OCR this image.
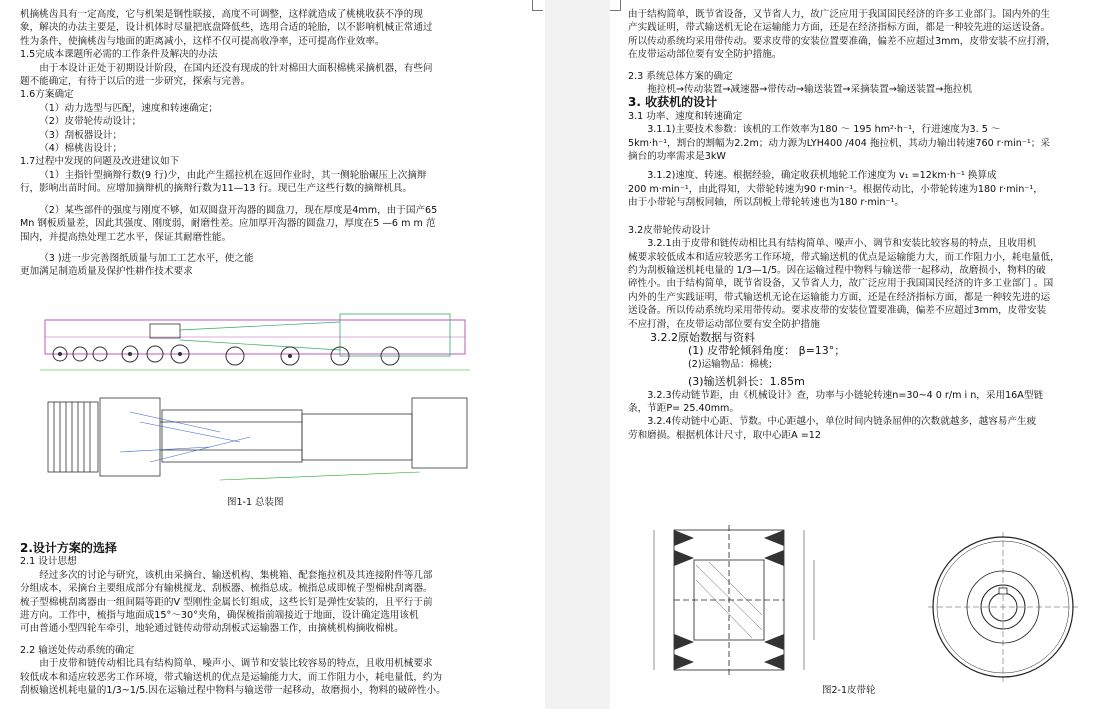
机摘桃齿具有一定高度，它与机架是钢性联接，高度不可调整，这样就造成了桃桃收获不净的现

象，解决的办法主要是，设计机体时尽量把底盘降低些，选用合适的轮胎，以不影响机械正常通过

性为条件，使摘桃齿与地面的距离减小，这样不仅可提高收净率，还可提高作业效率。

1.5完成本课题所必需的工作条件及解决的办法

由于本设计正处于初期设计阶段，在国内还没有现成的针对棉田大面积棉桃采摘机器，有些问

题不能确定，有待于以后的进一步研究，探索与完善。

1.6方案确定

（1）动力选型与匹配，速度和转速确定；

（2）皮带轮传动设计；

（3）刮板器设计；

（4）棉桃齿设计；

1.7过程中发现的问题及改进建议如下

（1）主指针型摘辩行数(9 行)少，由此产生摇拉机在返回作业时，其一侧轮胎碾压上次摘辩

行，影响出苗时间。应增加摘辩机的摘辩行数为11—13 行。现已生产这些行数的摘辩机具。

（2）某些部件的强度与刚度不够，如双圆盘开沟器的圆盘刀，现在厚度是4mm，由于国产65

Mn 钢板质量差，因此其强度、刚度弱，耐磨性差。应加厚开沟器的圆盘刀，厚度在5 —6 m m 范

围内，并提高热处理工艺水平，保证其耐磨性能。

（3 )进一步完善图纸质量与加工工艺水平，使之能

更加满足制造质量及保护性耕作技术要求

图1-1 总装图

2.设计方案的选择

2.1 设计思想

经过多次的讨论与研究，该机由采摘台、输送机构、集桃箱、配套拖拉机及其连接附件等几部

分组成本，采摘台主要组成部分有输桃搅龙、刮板器、梳指总成。梳指总成即梳子型棉桃刮离器。

梳子型棉桃刮离器由一组间隔等距的V 型刚性金属长钉组成，这些长钉是弹性安装的，且平行于前

进方向。工作中，梳指与地面成15°～30°夹角，确保梳指前端接近于地面，设计确定选用该机

可由普通小型四轮车牵引，地轮通过链传动带动刮板式运输器工作，由摘桃机构摘收棉桃。

2.2 输送处传动系统的确定

由于皮带和链传动相比具有结构简单、噪声小、调节和安装比较容易的特点，且收用机械要求

较低成本和适应较恶劣工作环境，带式输送机的优点是运输能力大，而工作阻力小，耗电量低，约为

刮板输送机耗电量的1/3~1/5.因在运输过程中物料与输送带一起移动，故磨损小，物料的破碎性小。

由于结构简单，既节省设备，又节省人力，故广泛应用于我国国民经济的许多工业部门。国内外的生

产实践证明，带式输送机无论在运输能力方面，还是在经济指标方面，都是一种较先进的运送设备。

所以传动系统均采用带传动。要求皮带的安装位置要准确，偏差不应超过3mm，皮带安装不应打滑，

在皮带运动部位要有安全防护措施。

2.3 系统总体方案的确定

拖拉机→传动装置→减速器→带传动→输送装置→采摘装置→输送装置→拖拉机

3. 收获机的设计

3.1 功率、速度和转速确定

3.1.1)主要技术参数：该机的工作效率为180 ～ 195 hm²·h⁻¹，行进速度为3. 5 ～

5km·h⁻¹，割台的割幅为2.2m；动力源为LYH400 /404 拖拉机，其动力输出转速760 r·min⁻¹；采

摘台的功率需求是3kW

3.1.2)速度、转速。根据经验，确定收获机地轮工作速度为 v₁ =12km·h⁻¹ 换算成

200 m·min⁻¹，由此得知，大带轮转速为90 r·min⁻¹。根据传动比，小带轮转速为180 r·min⁻¹，

由于小带轮与刮板同轴，所以刮板上带轮转速也为180 r·min⁻¹。

3.2皮带轮传动设计

3.2.1由于皮带和链传动相比具有结构简单、噪声小、调节和安装比较容易的特点，且收用机

械要求较低成本和适应较恶劣工作环境，带式输送机的优点是运输能力大，而工作阻力小，耗电量低，

约为刮板输送机耗电量的 1/3—1/5。因在运输过程中物料与输送带一起移动，故磨损小，物料的破

碎性小。由于结构简单，既节省设备，又节省人力，故广泛应用于我国国民经济的许多工业部门 。国

内外的生产实践证明，带式输送机无论在运输能力方面，还是在经济指标方面，都是一种较先进的运

送设备。所以传动系统均采用带传动。要求皮带的安装位置要准确，偏差不应超过3mm，皮带安装

不应打滑，在皮带运动部位要有安全防护措施

3.2.2原始数据与资料

(1) 皮带轮倾斜角度： β=13°；

(2)运输物品：棉桃;

(3)输送机斜长：1.85m

3.2.3传动链节距，由《机械设计》查，功率与小链轮转速n=30~4 0 r/m i n，采用16A型链

条，节距P= 25.40mm。

3.2.4传动链中心距、节数。中心距越小，单位时间内链条屈伸的次数就越多，越容易产生疲

劳和磨损。根据机体计尺寸，取中心距A =12

图2-1皮带轮
